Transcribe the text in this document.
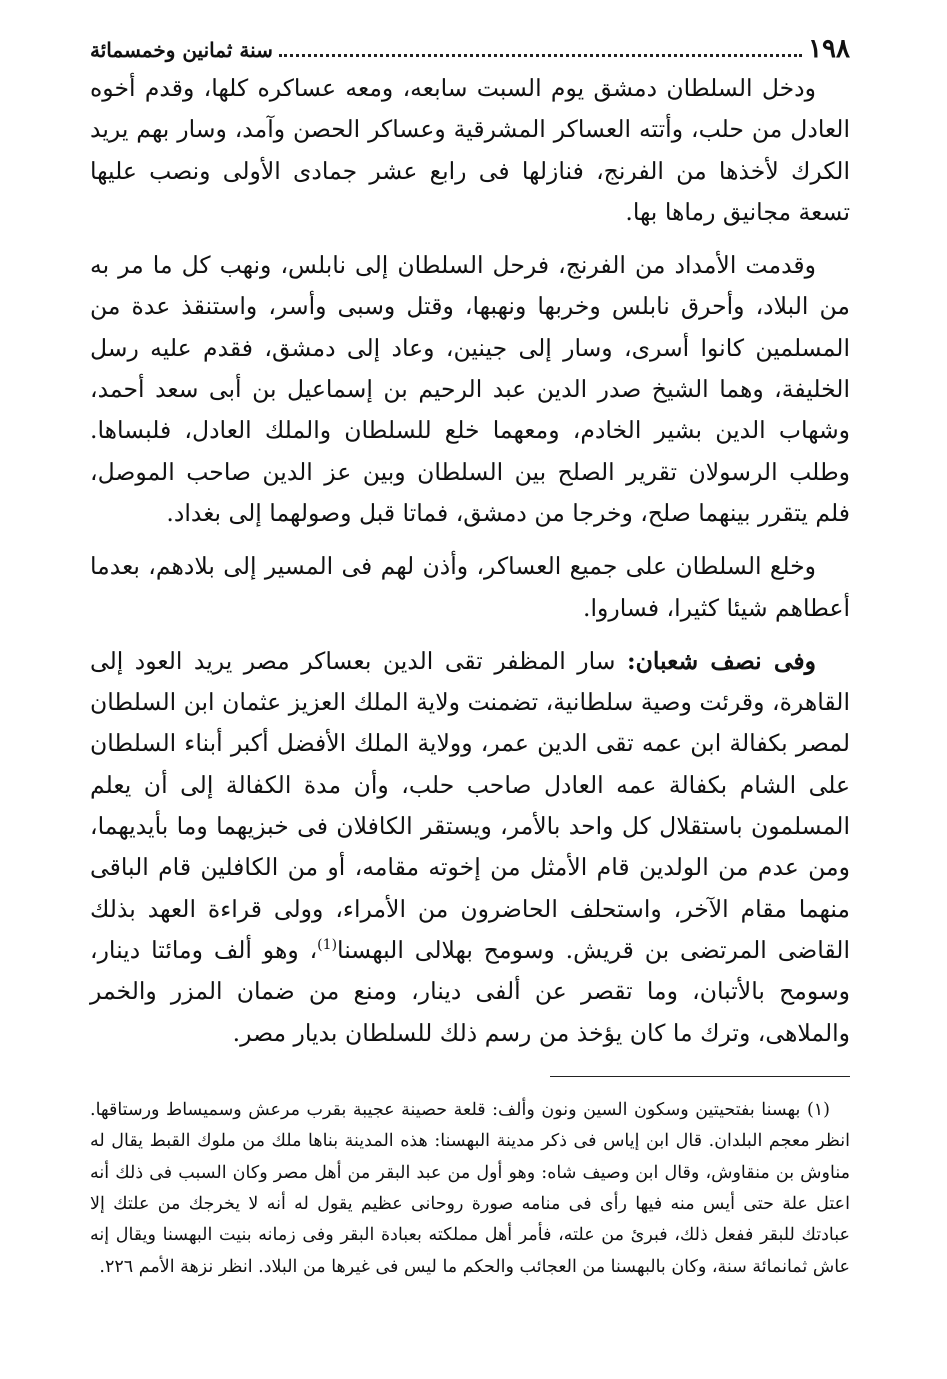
١٩٨
سنة ثمانين وخمسمائة

ودخل السلطان دمشق يوم السبت سابعه، ومعه عساكره كلها، وقدم أخوه العادل من حلب، وأتته العساكر المشرقية وعساكر الحصن وآمد، وسار بهم يريد الكرك لأخذها من الفرنج، فنازلها فى رابع عشر جمادى الأولى ونصب عليها تسعة مجانيق رماها بها.

وقدمت الأمداد من الفرنج، فرحل السلطان إلى نابلس، ونهب كل ما مر به من البلاد، وأحرق نابلس وخربها ونهبها، وقتل وسبى وأسر، واستنقذ عدة من المسلمين كانوا أسرى، وسار إلى جينين، وعاد إلى دمشق، فقدم عليه رسل الخليفة، وهما الشيخ صدر الدين عبد الرحيم بن إسماعيل بن أبى سعد أحمد، وشهاب الدين بشير الخادم، ومعهما خلع للسلطان والملك العادل، فلبساها. وطلب الرسولان تقرير الصلح بين السلطان وبين عز الدين صاحب الموصل، فلم يتقرر بينهما صلح، وخرجا من دمشق، فماتا قبل وصولهما إلى بغداد.

وخلع السلطان على جميع العساكر، وأذن لهم فى المسير إلى بلادهم، بعدما أعطاهم شيئا كثيرا، فساروا.

وفى نصف شعبان: سار المظفر تقى الدين بعساكر مصر يريد العود إلى القاهرة، وقرئت وصية سلطانية، تضمنت ولاية الملك العزيز عثمان ابن السلطان لمصر بكفالة ابن عمه تقى الدين عمر، وولاية الملك الأفضل أكبر أبناء السلطان على الشام بكفالة عمه العادل صاحب حلب، وأن مدة الكفالة إلى أن يعلم المسلمون باستقلال كل واحد بالأمر، ويستقر الكافلان فى خبزيهما وما بأيديهما، ومن عدم من الولدين قام الأمثل من إخوته مقامه، أو من الكافلين قام الباقى منهما مقام الآخر، واستحلف الحاضرون من الأمراء، وولى قراءة العهد بذلك القاضى المرتضى بن قريش. وسومح بهلالى البهسنا$^{(1)}$، وهو ألف ومائتا دينار، وسومح بالأتبان، وما تقصر عن ألفى دينار، ومنع من ضمان المزر والخمر والملاهى، وترك ما كان يؤخذ من رسم ذلك للسلطان بديار مصر.

(١) بهسنا بفتحيتين وسكون السين ونون وألف: قلعة حصينة عجيبة بقرب مرعش وسميساط ورستاقها. انظر معجم البلدان. قال ابن إياس فى ذكر مدينة البهسنا: هذه المدينة بناها ملك من ملوك القبط يقال له مناوش بن منقاوش، وقال ابن وصيف شاه: وهو أول من عبد البقر من أهل مصر وكان السبب فى ذلك أنه اعتل علة حتى أيس منه فيها رأى فى منامه صورة روحانى عظيم يقول له أنه لا يخرجك من علتك إلا عبادتك للبقر ففعل ذلك، فبرئ من علته، فأمر أهل مملكته بعبادة البقر وفى زمانه بنيت البهسنا ويقال إنه عاش ثمانمائة سنة، وكان بالبهسنا من العجائب والحكم ما ليس فى غيرها من البلاد. انظر نزهة الأمم ٢٢٦.
